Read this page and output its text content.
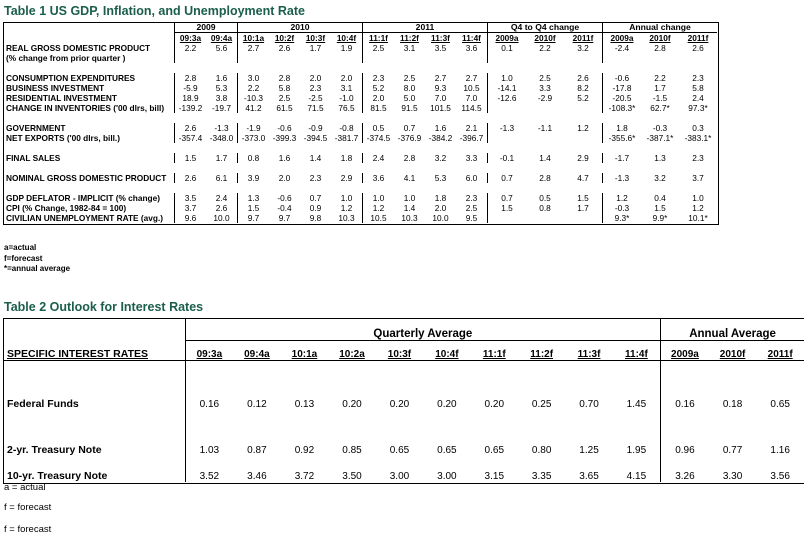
Table 1 US GDP, Inflation, and Unemployment Rate
	2009		2010				2011				Q4 to Q4 change			Annual change		
	09:3a	09:4a	10:1a	10:2f	10:3f	10:4f	11:1f	11:2f	11:3f	11:4f	2009a	2010f	2011f	2009a	2010f	2011f
REAL GROSS DOMESTIC PRODUCT	2.2	5.6	2.7	2.6	1.7	1.9	2.5	3.1	3.5	3.6	0.1	2.2	3.2	-2.4	2.8	2.6
(% change from prior quarter )																

CONSUMPTION EXPENDITURES	2.8	1.6	3.0	2.8	2.0	2.0	2.3	2.5	2.7	2.7	1.0	2.5	2.6	-0.6	2.2	2.3
BUSINESS INVESTMENT	-5.9	5.3	2.2	5.8	2.3	3.1	5.2	8.0	9.3	10.5	-14.1	3.3	8.2	-17.8	1.7	5.8
RESIDENTIAL INVESTMENT	18.9	3.8	-10.3	2.5	-2.5	-1.0	2.0	5.0	7.0	7.0	-12.6	-2.9	5.2	-20.5	-1.5	2.4
CHANGE IN INVENTORIES ('00 dlrs, bill)	-139.2	-19.7	41.2	61.5	71.5	76.5	81.5	91.5	101.5	114.5				-108.3*	62.7*	97.3*

GOVERNMENT	2.6	-1.3	-1.9	-0.6	-0.9	-0.8	0.5	0.7	1.6	2.1	-1.3	-1.1	1.2	1.8	-0.3	0.3
NET EXPORTS ('00 dlrs, bill.)	-357.4	-348.0	-373.0	-399.3	-394.5	-381.7	-374.5	-376.9	-384.2	-396.7				-355.6*	-387.1*	-383.1*

FINAL SALES	1.5	1.7	0.8	1.6	1.4	1.8	2.4	2.8	3.2	3.3	-0.1	1.4	2.9	-1.7	1.3	2.3

NOMINAL GROSS DOMESTIC PRODUCT	2.6	6.1	3.9	2.0	2.3	2.9	3.6	4.1	5.3	6.0	0.7	2.8	4.7	-1.3	3.2	3.7

GDP DEFLATOR - IMPLICIT (% change)	3.5	2.4	1.3	-0.6	0.7	1.0	1.0	1.0	1.8	2.3	0.7	0.5	1.5	1.2	0.4	1.0
CPI (% Change, 1982-84 = 100)	3.7	2.6	1.5	-0.4	0.9	1.2	1.2	1.4	2.0	2.5	1.5	0.8	1.7	-0.3	1.5	1.2
CIVILIAN UNEMPLOYMENT RATE (avg.)	9.6	10.0	9.7	9.7	9.8	10.3	10.5	10.3	10.0	9.5				9.3*	9.9*	10.1*
a=actual
f=forecast
*=annual average
Table 2 Outlook for Interest Rates
	Quarterly Average										Annual Average		
SPECIFIC INTEREST RATES	09:3a	09:4a	10:1a	10:2a	10:3f	10:4f	11:1f	11:2f	11:3f	11:4f	2009a	2010f	2011f

Federal Funds	0.16	0.12	0.13	0.20	0.20	0.20	0.20	0.25	0.70	1.45	0.16	0.18	0.65

2-yr. Treasury Note	1.03	0.87	0.92	0.85	0.65	0.65	0.65	0.80	1.25	1.95	0.96	0.77	1.16
10-yr. Treasury Note	3.52	3.46	3.72	3.50	3.00	3.00	3.15	3.35	3.65	4.15	3.26	3.30	3.56
a = actual
f = forecast
f = forecast
